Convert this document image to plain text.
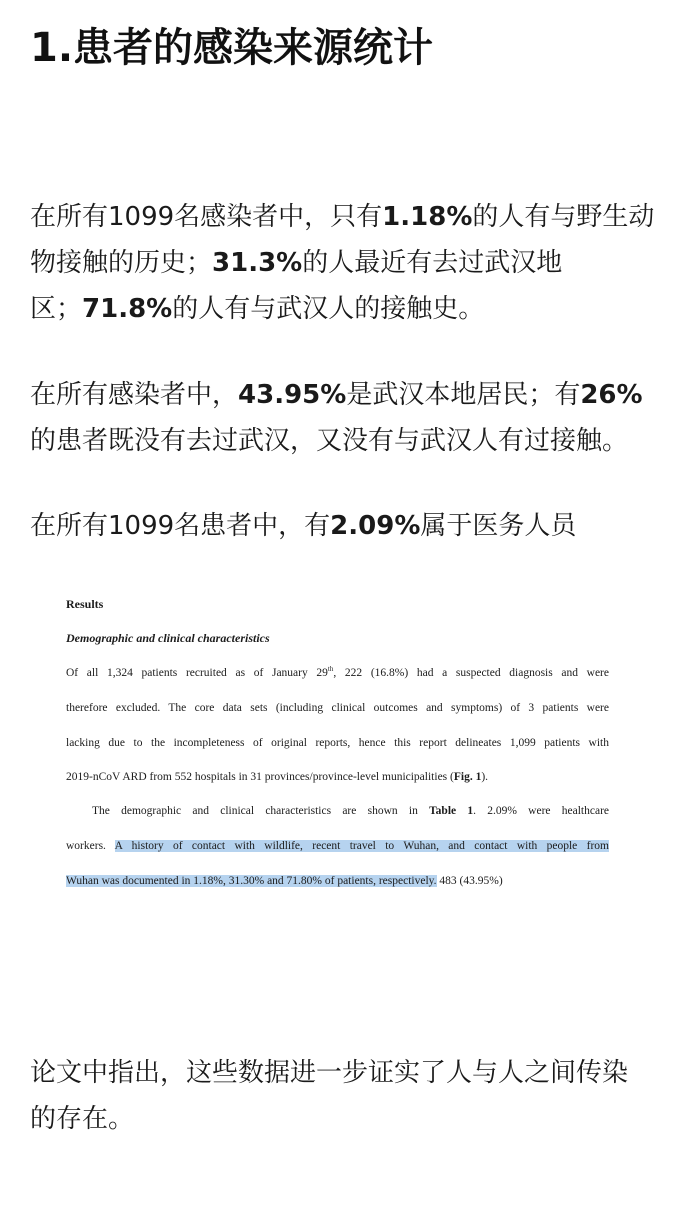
1.患者的感染来源统计

在所有1099名感染者中，只有1.18%的人有与野生动
物接触的历史；31.3%的人最近有去过武汉地
区；71.8%的人有与武汉人的接触史。

在所有感染者中，43.95%是武汉本地居民；有26%
的患者既没有去过武汉，又没有与武汉人有过接触。

在所有1099名患者中，有2.09%属于医务人员

Results
Demographic and clinical characteristics
Of all 1,324 patients recruited as of January 29th, 222 (16.8%) had a suspected diagnosis and were
therefore excluded. The core data sets (including clinical outcomes and symptoms) of 3 patients were
lacking due to the incompleteness of original reports, hence this report delineates 1,099 patients with
2019-nCoV ARD from 552 hospitals in 31 provinces/province-level municipalities (Fig. 1).
The demographic and clinical characteristics are shown in Table 1. 2.09% were healthcare
workers. A history of contact with wildlife, recent travel to Wuhan, and contact with people from
Wuhan was documented in 1.18%, 31.30% and 71.80% of patients, respectively. 483 (43.95%)

论文中指出，这些数据进一步证实了人与人之间传染
的存在。
